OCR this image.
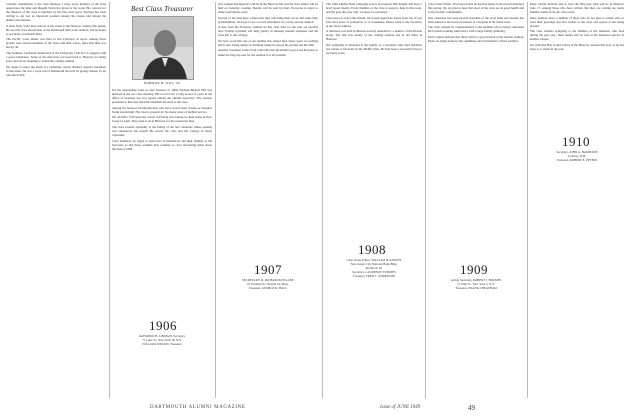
valuable contribution to the class finances. I hope every member of the class appreciates the time and thought Norm has given to the work. His concern for the finances of the class is matched by his fine class spirit. Norman has been writing to get you an important position among the classes and among the alumni associations.

A letter from "Zeb" Rice tells us of his return to the Hanover country this spring. He says the class should hear of the Dartmouth men at the reunion, and he hopes to see many old friends there.

The Pacific Coast dinner was held in San Francisco in April. Among those present were several members of the class with their wives, and a fine time was had by all.

The Southern California alumni met at the University Club in Los Angeles with a good attendance. Some of the men have not been back to Hanover for many years and all are planning to attend the coming reunion.

We regret to report the death of a classmate, whose obituary appears elsewhere in this issue. He was a loyal son of Dartmouth and will be greatly missed by all who knew him.

Best Class Treasurer
NORMAN B. WILL '06

For his outstanding work as class treasurer of 1906, Norman Bussell Will was honored at the last class meeting. His record over a long period of years in the office of treasurer has few equals among the alumni treasurers. The citation presented to him described his unselfish devotion to the class.

Among the honored Dartmouth men who have served their classes as treasurer Norm stands high. His class is grateful for his many years of faithful service.

Mr. and Mrs. Will spent the winter in Florida and returned to their home in New Jersey in April. They plan to be in Hanover for the reunion in June.

The class extends sympathy to the family of the late classmate whose passing was announced last month. He served the class and the College in many capacities.

Class members are urged to send news of themselves and their families to the Secretary so that these columns may continue to carry interesting items about the men of 1906.

1906
RAYMOND B. LINDSAY, Secretary
71 Lake St., New York 18, N.Y.
WILLIAM WILSON, Treasurer

Our reunion headquarters will be in the Hanover Inn and the class dinner will be held on Saturday evening. Details will be sent by mail. Everyone is urged to make reservations early.

Several of the men have written that they will bring their wives and some their grandchildren. We hope to see a record attendance for a forty-second reunion.

A note from the Treasurer reminds us that class dues for the year are payable now. Prompt payment will help greatly in meeting reunion expenses and the class gift to the College.

We have word that one of our number has retired after many years of teaching and is now living quietly in Vermont where he enjoys his garden and the hills.

Another classmate writes from California that his health is good and he hopes to make the long trip east for the reunion if at all possible.

1907
SECRETARY, D. RICHARDSON LANE
87 Fairfield St., Boston 16, Mass.
Treasurer, GEORGE R. HALL

The 1949 Alumni Fund campaign is now in progress. Bill Knight will have a brief report shortly. Every member of the class is urged to help in this work, and the goal this year will, we hope, be exceeded.

Class news is scarce this month. We would appreciate letters from any of you who have news of yourselves or of classmates. Please write to the Secretary at the above address.

A luncheon was held in Boston recently attended by a number of the Boston group. The talk was mostly of the coming reunion and of old times in Hanover.

Our sympathy is extended to the family of a classmate who died suddenly last winter at his home in the Middle West. He had been a successful lawyer for many years.

1908
Class Notes Editor, WILLIAM H. KNIGHT
New Jersey City National Bank Bldg.
Rockford, Ill.
Secretary, LAURENCE SYMMES
Treasurer, FRED C. ANDERSON

Class Notes Editor, Fred reports that he has had letters from several members this spring. We are glad to hear that most of the class are in good health and active in their communities.

One classmate has been elected president of the local bank and another has been named to the board of trustees of a hospital in his home town.

The class extends its congratulations to the member who recently celebrated his fortieth wedding anniversary with a large family gathering.

Early returns indicate that there will be a good turnout at the fortieth reunion. Plans are being made by the committee and all members will be notified.

1909
Acting Secretary, ROBERT J. HOLMES
71 Wall St., New York 5, N.Y.
Treasurer, FRANK CHEATHAM

Early returns indicate that at least the fifty-year men will be in Hanover June 17. Among those who have written that they are coming are many familiar names from the class roster.

More reunion news: a number of those who do not plan to attend write to send their greetings and best wishes to the class and regrets at not being present.

The class extends sympathy to the families of the members who died during the past year. Their names will be read at the memorial service in Rollins Chapel.

We wish that Bob Gould will be at the Hanover reunion this year, as he has been at so many in the past.

1910
Secretary, JOHN A. HAMILTON
Conway, N.H.
Treasurer, ROBERT E. PETERS
DARTMOUTH ALUMNI MAGAZINE	Issue of JUNE 1949	49
